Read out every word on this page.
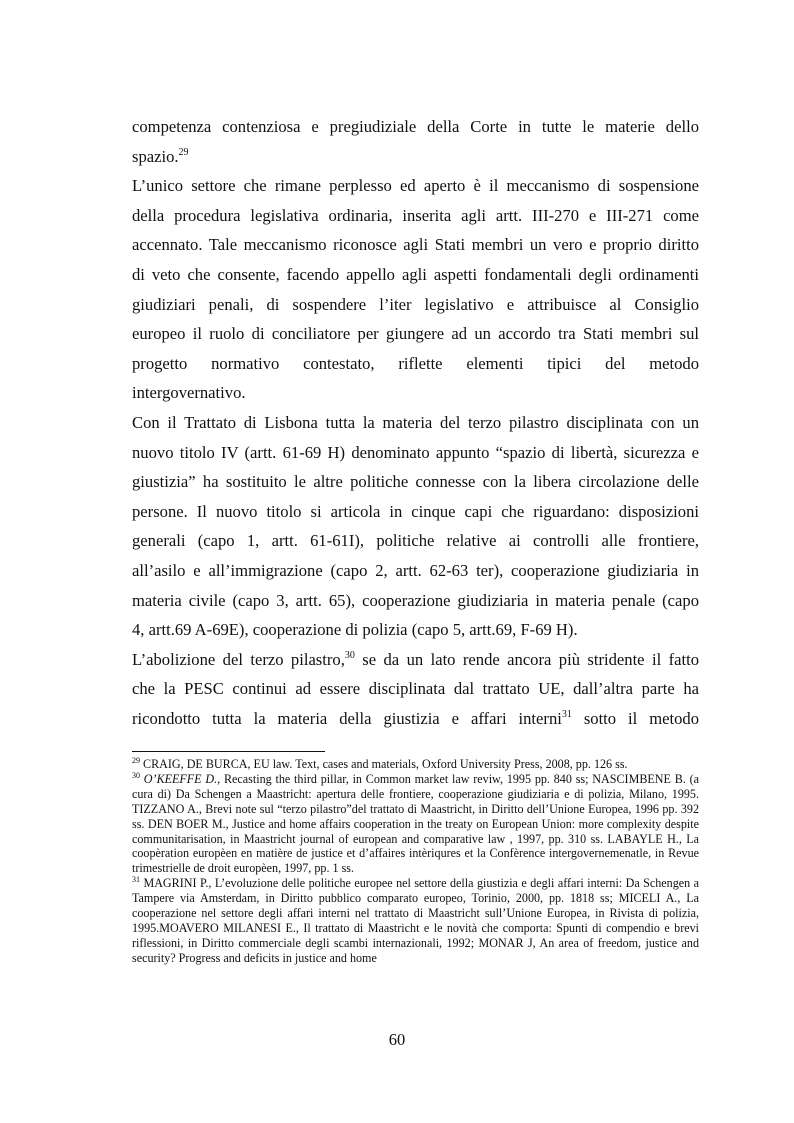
competenza contenziosa e pregiudiziale della Corte in tutte le materie dello
spazio.$^{29}$

L’unico settore che rimane perplesso ed aperto è il meccanismo di sospensione
della procedura legislativa ordinaria, inserita agli artt. III-270 e III-271 come
accennato. Tale meccanismo riconosce agli Stati membri un vero e proprio diritto
di veto che consente, facendo appello agli aspetti fondamentali degli ordinamenti
giudiziari penali, di sospendere l’iter legislativo e attribuisce al Consiglio
europeo il ruolo di conciliatore per giungere ad un accordo tra Stati membri sul
progetto normativo contestato, riflette elementi tipici del metodo
intergovernativo.

Con il Trattato di Lisbona tutta la materia del terzo pilastro disciplinata con un
nuovo titolo IV (artt. 61-69 H) denominato appunto “spazio di libertà, sicurezza e
giustizia” ha sostituito le altre politiche connesse con la libera circolazione delle
persone. Il nuovo titolo si articola in cinque capi che riguardano: disposizioni
generali (capo 1, artt. 61-61I), politiche relative ai controlli alle frontiere,
all’asilo e all’immigrazione (capo 2, artt. 62-63 ter), cooperazione giudiziaria in
materia civile (capo 3, artt. 65), cooperazione giudiziaria in materia penale (capo
4, artt.69 A-69E), cooperazione di polizia (capo 5, artt.69, F-69 H).

L’abolizione del terzo pilastro,$^{30}$ se da un lato rende ancora più stridente il fatto
che la PESC continui ad essere disciplinata dal trattato UE, dall’altra parte ha
ricondotto tutta la materia della giustizia e affari interni$^{31}$ sotto il metodo

$^{29}$ CRAIG, DE BURCA, EU law. Text, cases and materials, Oxford University Press, 2008, pp. 126 ss.

$^{30}$ O’KEEFFE D., Recasting the third pillar, in Common market law reviw, 1995 pp. 840 ss; NASCIMBENE B. (a cura di) Da Schengen a Maastricht: apertura delle frontiere, cooperazione giudiziaria e di polizia, Milano, 1995. TIZZANO A., Brevi note sul “terzo pilastro”del trattato di Maastricht, in Diritto dell’Unione Europea, 1996 pp. 392 ss. DEN BOER M., Justice and home affairs cooperation in the treaty on European Union: more complexity despite communitarisation, in Maastricht journal of european and comparative law , 1997, pp. 310 ss. LABAYLE H., La coopèration europèen en matière de justice et d’affaires intèriqures et la Confèrence intergovernemenatle, in Revue trimestrielle de droit europèen, 1997, pp. 1 ss.

$^{31}$ MAGRINI P., L’evoluzione delle politiche europee nel settore della giustizia e degli affari interni: Da Schengen a Tampere via Amsterdam, in Diritto pubblico comparato europeo, Torinio, 2000, pp. 1818 ss; MICELI A., La cooperazione nel settore degli affari interni nel trattato di Maastricht sull’Unione Europea, in Rivista di polizia, 1995.MOAVERO MILANESI E., Il trattato di Maastricht e le novità che comporta: Spunti di compendio e brevi riflessioni, in Diritto commerciale degli scambi internazionali, 1992; MONAR J, An area of freedom, justice and security? Progress and deficits in justice and home

60
